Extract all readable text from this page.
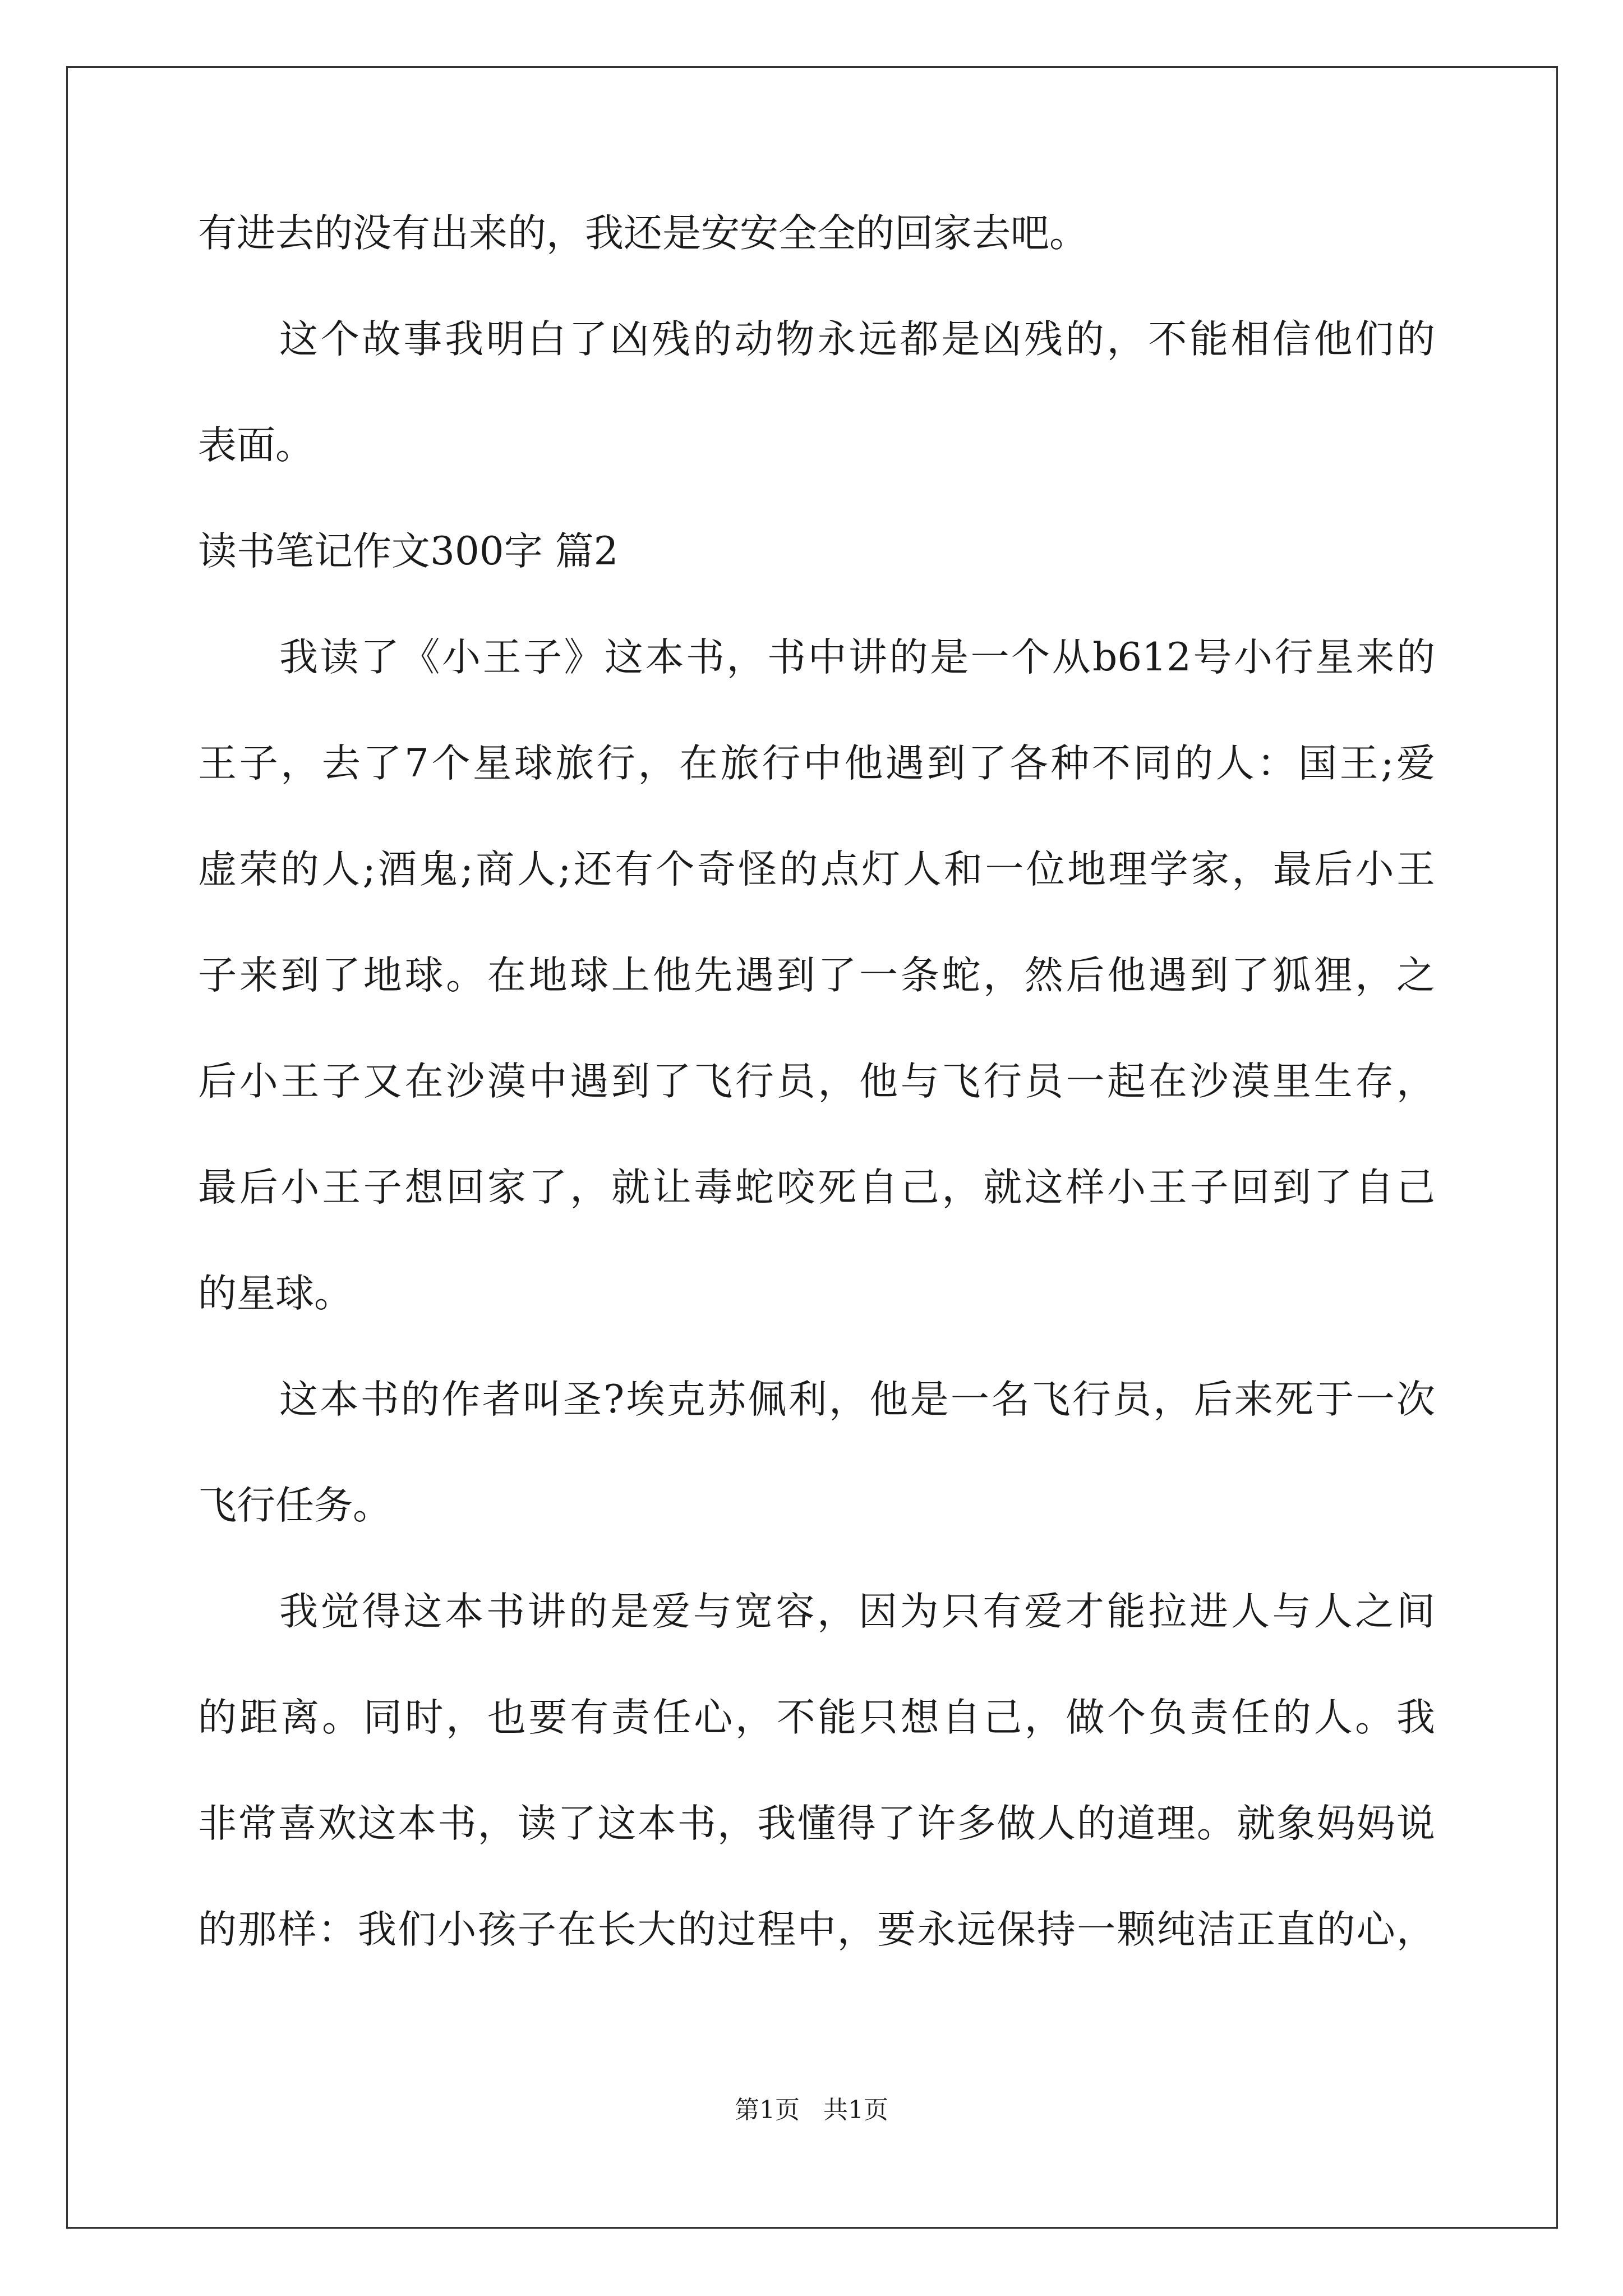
有进去的没有出来的，我还是安安全全的回家去吧。
这个故事我明白了凶残的动物永远都是凶残的，不能相信他们的
表面。
读书笔记作文300字 篇2
我读了《小王子》这本书，书中讲的是一个从b612号小行星来的
王子，去了7个星球旅行，在旅行中他遇到了各种不同的人：国王;爱
虚荣的人;酒鬼;商人;还有个奇怪的点灯人和一位地理学家，最后小王
子来到了地球。在地球上他先遇到了一条蛇，然后他遇到了狐狸，之
后小王子又在沙漠中遇到了飞行员，他与飞行员一起在沙漠里生存，
最后小王子想回家了，就让毒蛇咬死自己，就这样小王子回到了自己
的星球。
这本书的作者叫圣?埃克苏佩利，他是一名飞行员，后来死于一次
飞行任务。
我觉得这本书讲的是爱与宽容，因为只有爱才能拉进人与人之间
的距离。同时，也要有责任心，不能只想自己，做个负责任的人。我
非常喜欢这本书，读了这本书，我懂得了许多做人的道理。就象妈妈说
的那样：我们小孩子在长大的过程中，要永远保持一颗纯洁正直的心，
第1页   共1页
